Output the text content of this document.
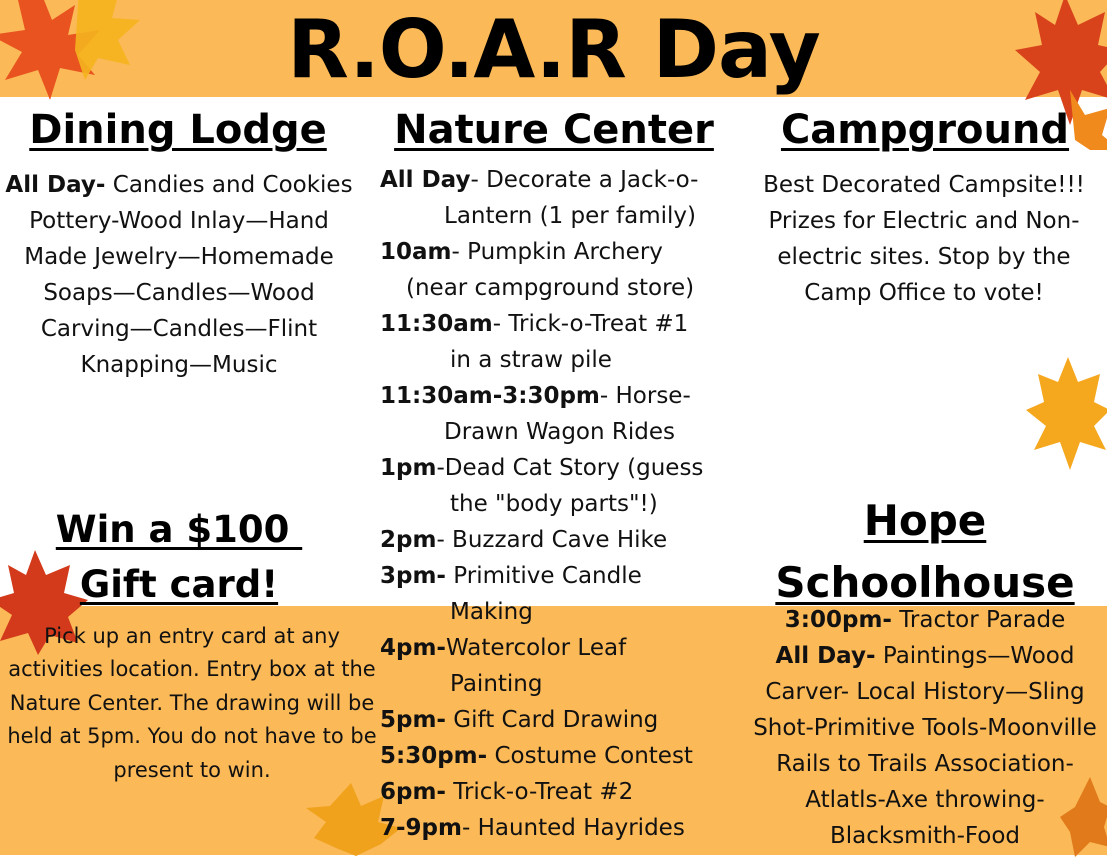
R.O.A.R Day
Dining Lodge
All Day- Candies and Cookies Pottery-Wood Inlay—Hand Made Jewelry—Homemade Soaps—Candles—Wood Carving—Candles—Flint Knapping—Music
Nature Center
All Day- Decorate a Jack-o-
Lantern (1 per family)
10am- Pumpkin Archery
(near campground store)
11:30am- Trick-o-Treat #1
in a straw pile
11:30am-3:30pm- Horse-
Drawn Wagon Rides
1pm-Dead Cat Story (guess
the "body parts"!)
2pm- Buzzard Cave Hike
3pm- Primitive Candle
Making
4pm-Watercolor Leaf
Painting
5pm- Gift Card Drawing
5:30pm- Costume Contest
6pm- Trick-o-Treat #2
7-9pm- Haunted Hayrides
Campground
Best Decorated Campsite!!! Prizes for Electric and Non-electric sites. Stop by the Camp Office to vote!
Win a $100
Gift card!
Pick up an entry card at any activities location. Entry box at the Nature Center. The drawing will be held at 5pm. You do not have to be present to win.
Hope
Schoolhouse
3:00pm- Tractor Parade
All Day- Paintings—Wood Carver- Local History—Sling Shot-Primitive Tools-Moonville Rails to Trails Association-Atlatls-Axe throwing-Blacksmith-Food
